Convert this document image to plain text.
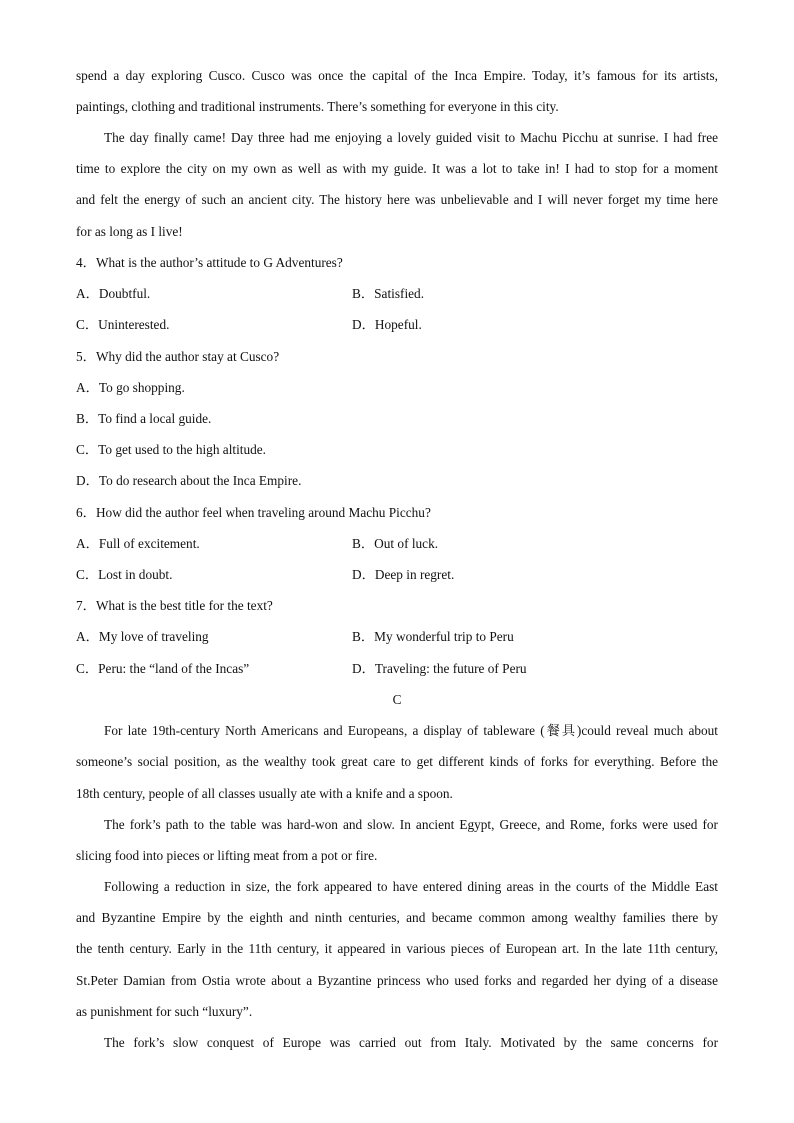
spend a day exploring Cusco. Cusco was once the capital of the Inca Empire. Today, it’s famous for its artists,
paintings, clothing and traditional instruments. There’s something for everyone in this city.
The day finally came! Day three had me enjoying a lovely guided visit to Machu Picchu at sunrise. I had free
time to explore the city on my own as well as with my guide. It was a lot to take in! I had to stop for a moment
and felt the energy of such an ancient city. The history here was unbelievable and I will never forget my time here
for as long as I live!
4．What is the author’s attitude to G Adventures?
A．Doubtful.	B．Satisfied.
C．Uninterested.	D．Hopeful.
5．Why did the author stay at Cusco?
A．To go shopping.
B．To find a local guide.
C．To get used to the high altitude.
D．To do research about the Inca Empire.
6．How did the author feel when traveling around Machu Picchu?
A．Full of excitement.	B．Out of luck.
C．Lost in doubt.	D．Deep in regret.
7．What is the best title for the text?
A．My love of traveling	B．My wonderful trip to Peru
C．Peru: the “land of the Incas”	D．Traveling: the future of Peru
C
For late 19th-century North Americans and Europeans, a display of tableware (餐具)could reveal much about
someone’s social position, as the wealthy took great care to get different kinds of forks for everything. Before the
18th century, people of all classes usually ate with a knife and a spoon.
The fork’s path to the table was hard-won and slow. In ancient Egypt, Greece, and Rome, forks were used for
slicing food into pieces or lifting meat from a pot or fire.
Following a reduction in size, the fork appeared to have entered dining areas in the courts of the Middle East
and Byzantine Empire by the eighth and ninth centuries, and became common among wealthy families there by
the tenth century. Early in the 11th century, it appeared in various pieces of European art. In the late 11th century,
St.Peter Damian from Ostia wrote about a Byzantine princess who used forks and regarded her dying of a disease
as punishment for such “luxury”.
The fork’s slow conquest of Europe was carried out from Italy. Motivated by the same concerns for
